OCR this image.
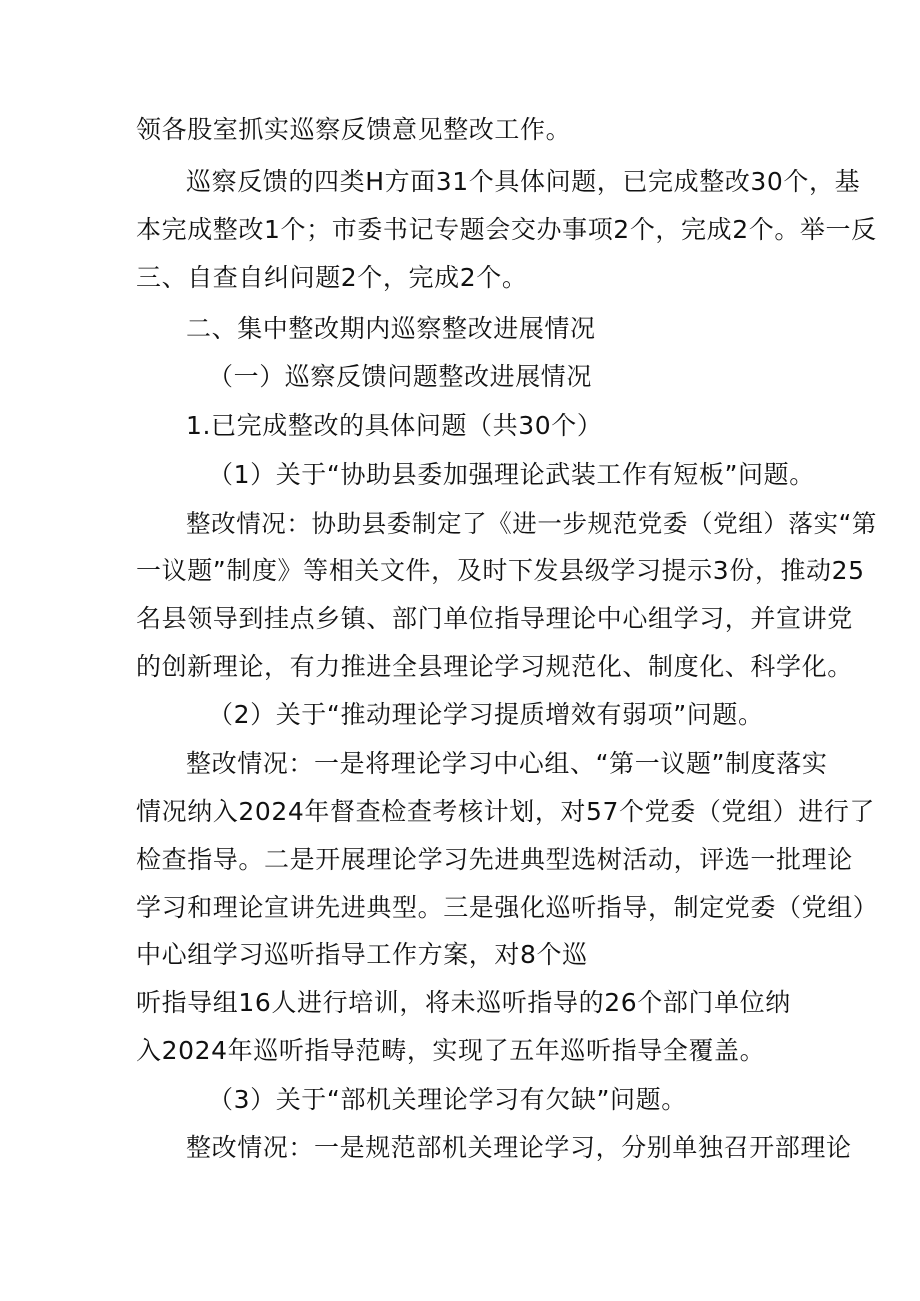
领各股室抓实巡察反馈意见整改工作。
巡察反馈的四类H方面31个具体问题，已完成整改30个，基
本完成整改1个；市委书记专题会交办事项2个，完成2个。举一反
三、自查自纠问题2个，完成2个。
二、集中整改期内巡察整改进展情况
（一）巡察反馈问题整改进展情况
1.已完成整改的具体问题（共30个）
（1）关于“协助县委加强理论武装工作有短板”问题。
整改情况：协助县委制定了《进一步规范党委（党组）落实“第
一议题”制度》等相关文件，及时下发县级学习提示3份，推动25
名县领导到挂点乡镇、部门单位指导理论中心组学习，并宣讲党
的创新理论，有力推进全县理论学习规范化、制度化、科学化。
（2）关于“推动理论学习提质增效有弱项”问题。
整改情况：一是将理论学习中心组、“第一议题”制度落实
情况纳入2024年督查检查考核计划，对57个党委（党组）进行了
检查指导。二是开展理论学习先进典型选树活动，评选一批理论
学习和理论宣讲先进典型。三是强化巡听指导，制定党委（党组）
中心组学习巡听指导工作方案，对8个巡
听指导组16人进行培训，将未巡听指导的26个部门单位纳
入2024年巡听指导范畴，实现了五年巡听指导全覆盖。
（3）关于“部机关理论学习有欠缺”问题。
整改情况：一是规范部机关理论学习，分别单独召开部理论
